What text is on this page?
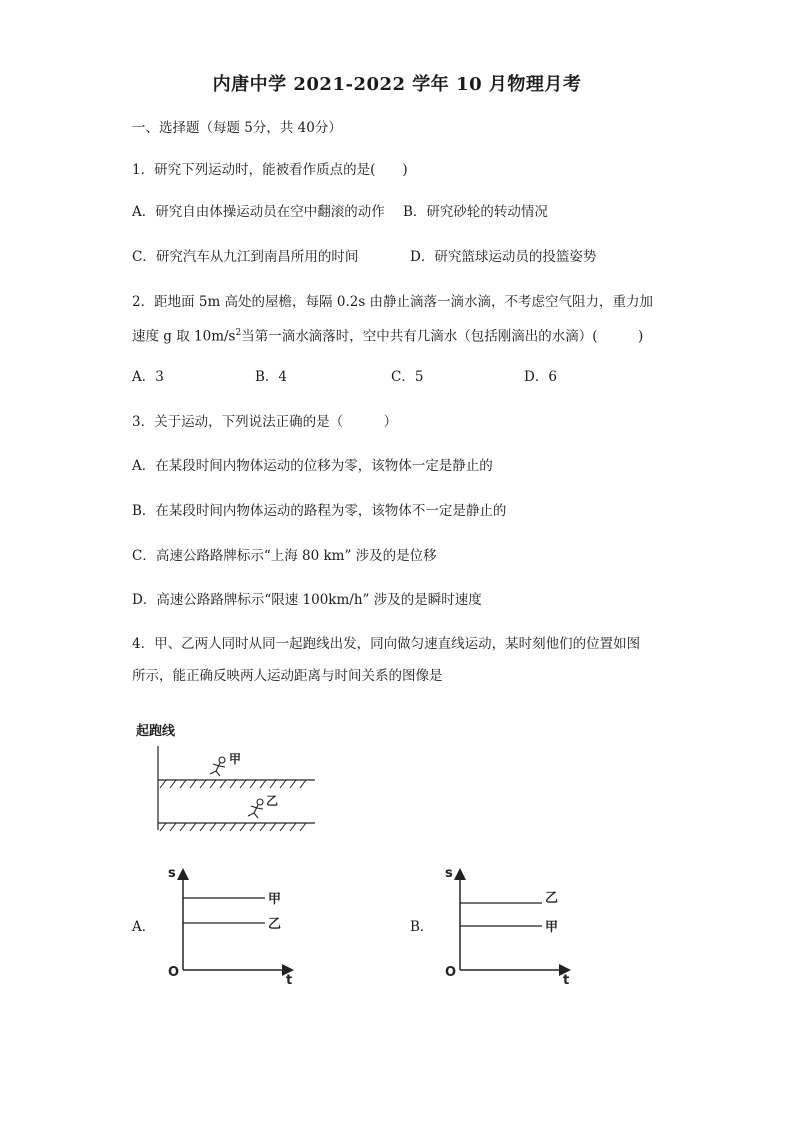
内唐中学 2021-2022 学年 10 月物理月考
一、选择题（每题 5分，共 40分）
1．研究下列运动时，能被看作质点的是(　　)
A．研究自由体操运动员在空中翻滚的动作 B．研究砂轮的转动情况
C．研究汽车从九江到南昌所用的时间	D．研究篮球运动员的投篮姿势
2．距地面 5m 高处的屋檐，每隔 0.2s 由静止滴落一滴水滴，不考虑空气阻力，重力加
速度 g 取 $10m/s^2$当第一滴水滴落时，空中共有几滴水（包括刚滴出的水滴）(　　　)
A．3	B．4	C．5	D．6
3．关于运动，下列说法正确的是（　　　）
A．在某段时间内物体运动的位移为零，该物体一定是静止的
B．在某段时间内物体运动的路程为零，该物体不一定是静止的
C．高速公路路牌标示“上海 80 km” 涉及的是位移
D．高速公路路牌标示“限速 100km/h” 涉及的是瞬时速度
4．甲、乙两人同时从同一起跑线出发，同向做匀速直线运动，某时刻他们的位置如图
所示，能正确反映两人运动距离与时间关系的图像是
起跑线
甲
乙
A．
s
O
t
甲
乙	B．
s
O
t
乙
甲
